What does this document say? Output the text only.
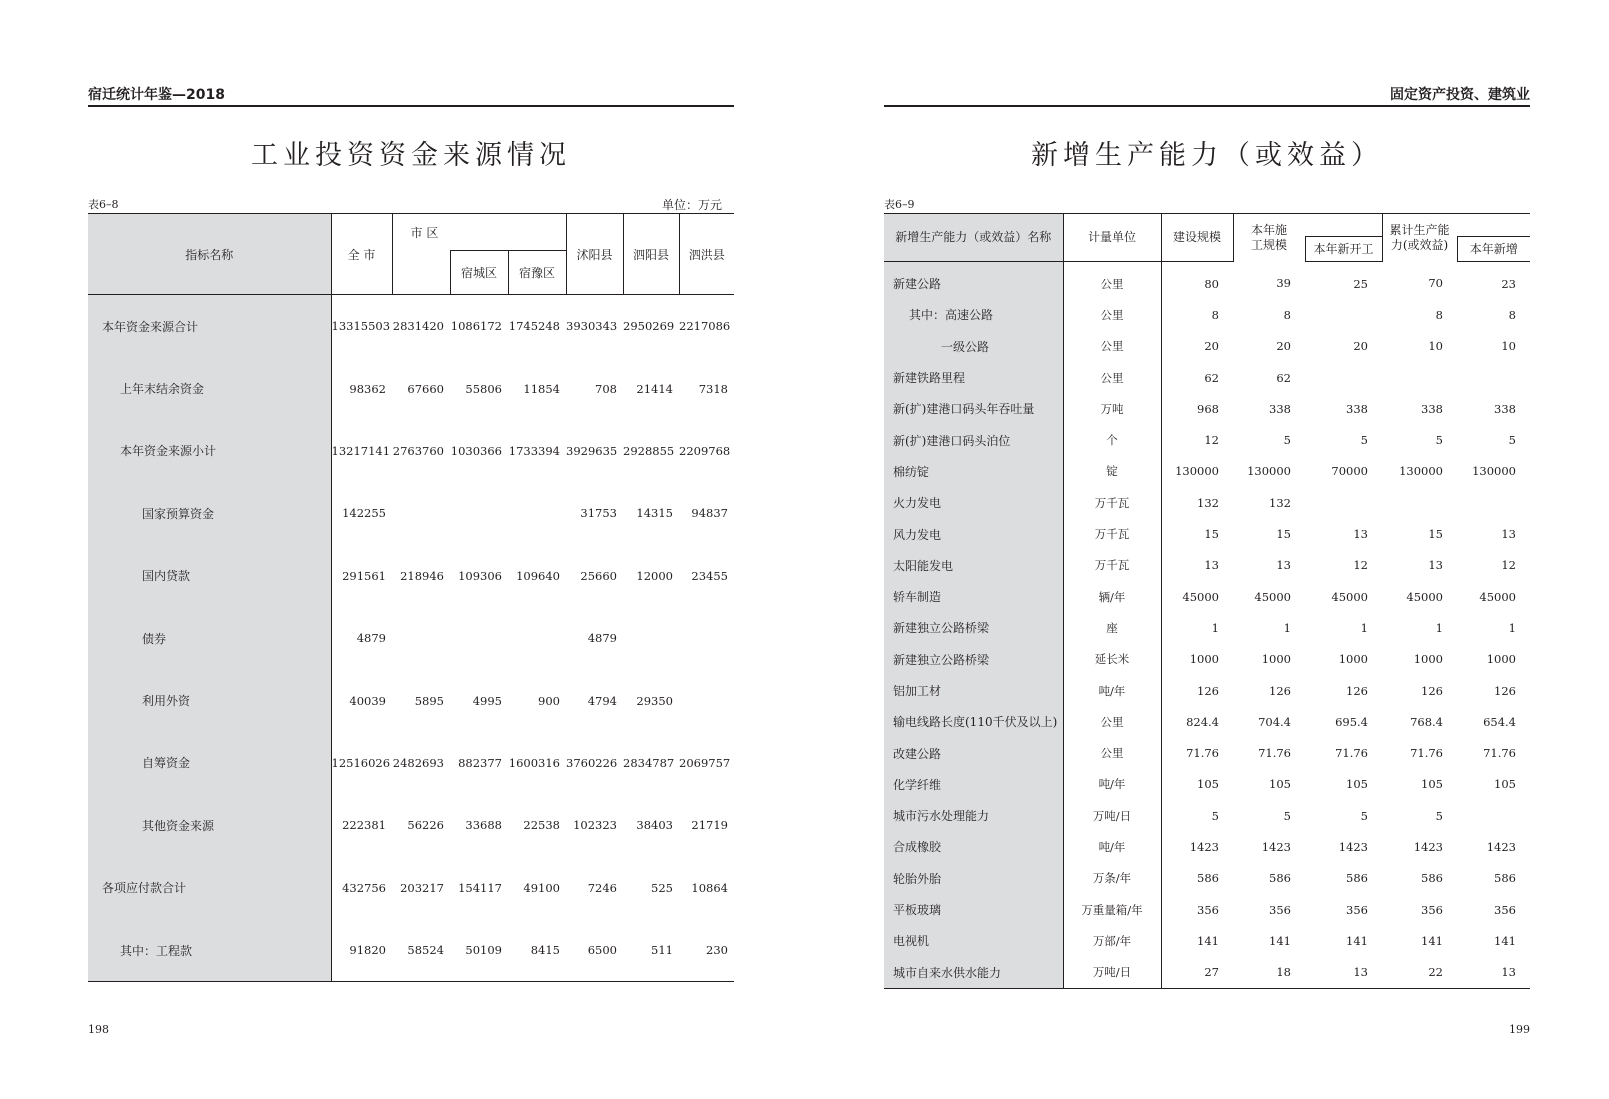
宿迁统计年鉴—2018
工业投资资金来源情况
表6–8	单位：万元
指标名称	全 市	市 区			沭阳县	泗阳县	泗洪县
			宿城区	宿豫区			
本年资金来源合计	13315503	2831420	1086172	1745248	3930343	2950269	2217086
上年末结余资金	98362	67660	55806	11854	708	21414	7318
本年资金来源小计	13217141	2763760	1030366	1733394	3929635	2928855	2209768
国家预算资金	142255				31753	14315	94837
国内贷款	291561	218946	109306	109640	25660	12000	23455
债券	4879				4879		
利用外资	40039	5895	4995	900	4794	29350	
自筹资金	12516026	2482693	882377	1600316	3760226	2834787	2069757
其他资金来源	222381	56226	33688	22538	102323	38403	21719
各项应付款合计	432756	203217	154117	49100	7246	525	10864
其中：工程款	91820	58524	50109	8415	6500	511	230
198
固定资产投资、建筑业
新增生产能力（或效益）
表6–9
新增生产能力（或效益）名称	计量单位	建设规模	本年施工规模		累计生产能力(或效益)	
				本年新开工		本年新增
新建公路	公里	80	39	25	70	23
其中：高速公路	公里	8	8		8	8
一级公路	公里	20	20	20	10	10
新建铁路里程	公里	62	62			
新(扩)建港口码头年吞吐量	万吨	968	338	338	338	338
新(扩)建港口码头泊位	个	12	5	5	5	5
棉纺锭	锭	130000	130000	70000	130000	130000
火力发电	万千瓦	132	132			
风力发电	万千瓦	15	15	13	15	13
太阳能发电	万千瓦	13	13	12	13	12
轿车制造	辆/年	45000	45000	45000	45000	45000
新建独立公路桥梁	座	1	1	1	1	1
新建独立公路桥梁	延长米	1000	1000	1000	1000	1000
铝加工材	吨/年	126	126	126	126	126
输电线路长度(110千伏及以上)	公里	824.4	704.4	695.4	768.4	654.4
改建公路	公里	71.76	71.76	71.76	71.76	71.76
化学纤维	吨/年	105	105	105	105	105
城市污水处理能力	万吨/日	5	5	5	5	
合成橡胶	吨/年	1423	1423	1423	1423	1423
轮胎外胎	万条/年	586	586	586	586	586
平板玻璃	万重量箱/年	356	356	356	356	356
电视机	万部/年	141	141	141	141	141
城市自来水供水能力	万吨/日	27	18	13	22	13
199
